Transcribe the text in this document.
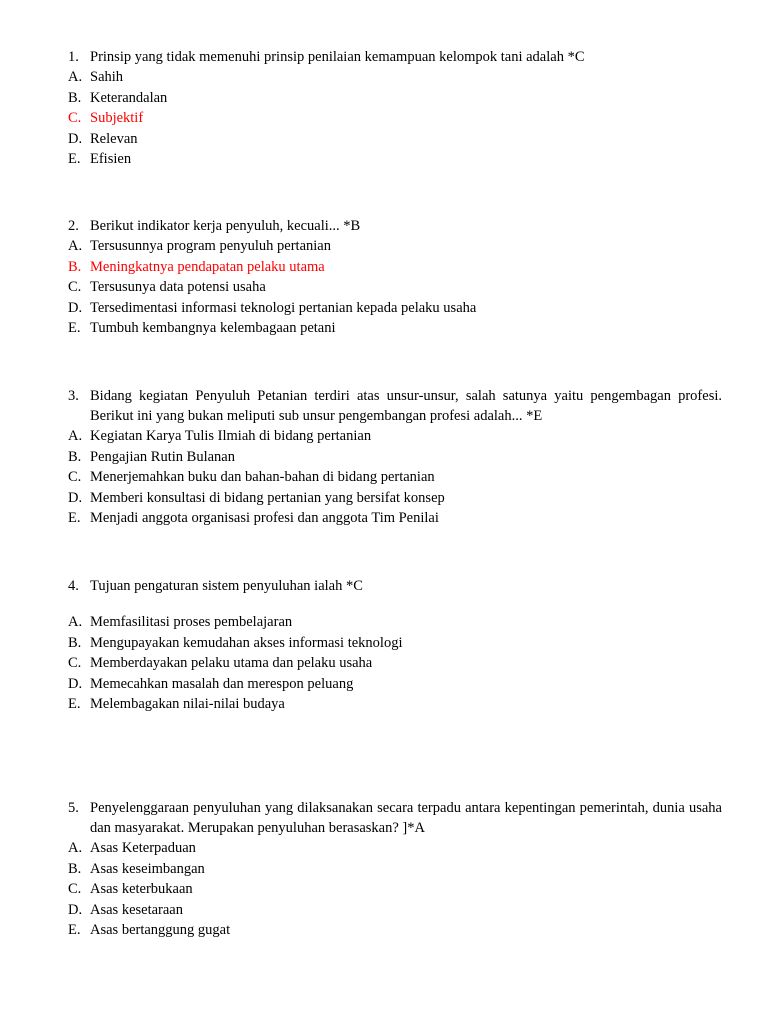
1. Prinsip yang tidak memenuhi prinsip penilaian kemampuan kelompok tani adalah *C
A. Sahih
B. Keterandalan
C. Subjektif
D. Relevan
E. Efisien
2. Berikut indikator kerja penyuluh, kecuali... *B
A. Tersusunnya program penyuluh pertanian
B. Meningkatnya pendapatan pelaku utama
C. Tersusunya data potensi usaha
D. Tersedimentasi informasi teknologi pertanian kepada pelaku usaha
E. Tumbuh kembangnya kelembagaan petani
3. Bidang kegiatan Penyuluh Petanian terdiri atas unsur-unsur, salah satunya yaitu pengembagan profesi. Berikut ini yang bukan meliputi sub unsur pengembangan profesi adalah... *E
A. Kegiatan Karya Tulis Ilmiah di bidang pertanian
B. Pengajian Rutin Bulanan
C. Menerjemahkan buku dan bahan-bahan di bidang pertanian
D. Memberi konsultasi di bidang pertanian yang bersifat konsep
E. Menjadi anggota organisasi profesi dan anggota Tim Penilai
4. Tujuan pengaturan sistem penyuluhan ialah *C
A. Memfasilitasi proses pembelajaran
B. Mengupayakan kemudahan akses informasi teknologi
C. Memberdayakan pelaku utama dan pelaku usaha
D. Memecahkan masalah dan merespon peluang
E. Melembagakan nilai-nilai budaya
5. Penyelenggaraan penyuluhan yang dilaksanakan secara terpadu antara kepentingan pemerintah, dunia usaha dan masyarakat. Merupakan penyuluhan berasaskan? ]*A
A. Asas Keterpaduan
B. Asas keseimbangan
C. Asas keterbukaan
D. Asas kesetaraan
E. Asas bertanggung gugat
